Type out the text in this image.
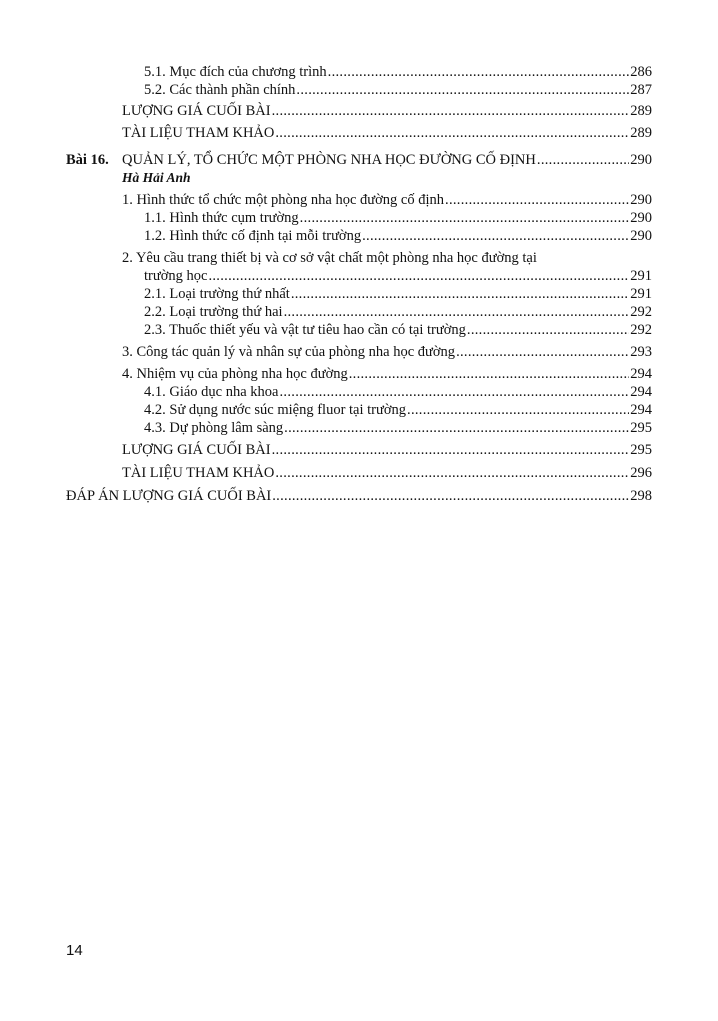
5.1. Mục đích của chương trình .....	286
5.2. Các thành phần chính .....	287
LƯỢNG GIÁ CUỐI BÀI .....	289
TÀI LIỆU THAM KHẢO .....	289
Bài 16. QUẢN LÝ, TỔ CHỨC MỘT PHÒNG NHA HỌC ĐƯỜNG CỐ ĐỊNH .....	290
Hà Hải Anh
1. Hình thức tổ chức một phòng nha học đường cố định .....	290
1.1. Hình thức cụm trường .....	290
1.2. Hình thức cố định tại mỗi trường .....	290
2. Yêu cầu trang thiết bị và cơ sở vật chất một phòng nha học đường tại
trường học .....	291
2.1. Loại trường thứ nhất .....	291
2.2. Loại trường thứ hai .....	292
2.3. Thuốc thiết yếu và vật tư tiêu hao cần có tại trường .....	292
3. Công tác quản lý và nhân sự của phòng nha học đường .....	293
4. Nhiệm vụ của phòng nha học đường .....	294
4.1. Giáo dục nha khoa .....	294
4.2. Sử dụng nước súc miệng fluor tại trường .....	294
4.3. Dự phòng lâm sàng .....	295
LƯỢNG GIÁ CUỐI BÀI .....	295
TÀI LIỆU THAM KHẢO .....	296
ĐÁP ÁN LƯỢNG GIÁ CUỐI BÀI .....	298
14
